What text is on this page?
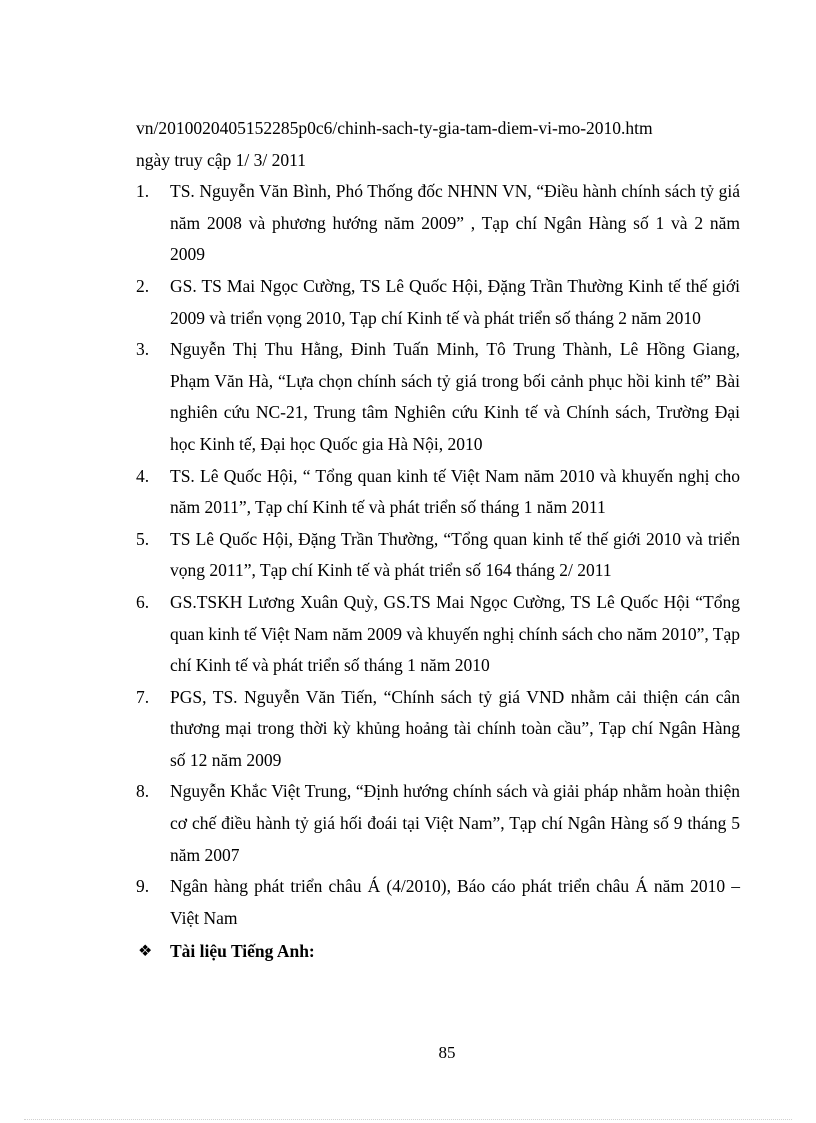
vn/2010020405152285p0c6/chinh-sach-ty-gia-tam-diem-vi-mo-2010. htm
ngày truy cập 1/ 3/ 2011
1. TS. Nguyễn Văn Bình, Phó Thống đốc NHNN VN, “Điều hành chính sách tỷ giá năm 2008 và phương hướng năm 2009” , Tạp chí Ngân Hàng số 1 và 2 năm 2009
2. GS. TS Mai Ngọc Cường, TS Lê Quốc Hội, Đặng Trần Thường Kinh tế thế giới 2009 và triển vọng 2010, Tạp chí Kinh tế và phát triển số tháng 2 năm 2010
3. Nguyễn Thị Thu Hằng, Đinh Tuấn Minh, Tô Trung Thành, Lê Hồng Giang, Phạm Văn Hà, “Lựa chọn chính sách tỷ giá trong bối cảnh phục hồi kinh tế” Bài nghiên cứu NC-21, Trung tâm Nghiên cứu Kinh tế và Chính sách, Trường Đại học Kinh tế, Đại học Quốc gia Hà Nội, 2010
4. TS. Lê Quốc Hội, “ Tổng quan kinh tế Việt Nam năm 2010 và khuyến nghị cho năm 2011”, Tạp chí Kinh tế và phát triển số tháng 1 năm 2011
5. TS Lê Quốc Hội, Đặng Trần Thường, “Tổng quan kinh tế thế giới 2010 và triển vọng 2011”, Tạp chí Kinh tế và phát triển số 164 tháng 2/ 2011
6. GS.TSKH Lương Xuân Quỳ, GS.TS Mai Ngọc Cường, TS Lê Quốc Hội “Tổng quan kinh tế Việt Nam năm 2009 và khuyến nghị chính sách cho năm 2010”, Tạp chí Kinh tế và phát triển số tháng 1 năm 2010
7. PGS, TS. Nguyễn Văn Tiến, “Chính sách tỷ giá VND nhằm cải thiện cán cân thương mại trong thời kỳ khủng hoảng tài chính toàn cầu”, Tạp chí Ngân Hàng số 12 năm 2009
8. Nguyễn Khắc Việt Trung, “Định hướng chính sách và giải pháp nhằm hoàn thiện cơ chế điều hành tỷ giá hối đoái tại Việt Nam”, Tạp chí Ngân Hàng số 9 tháng 5 năm 2007
9. Ngân hàng phát triển châu Á (4/2010), Báo cáo phát triển châu Á năm 2010 – Việt Nam
❖ Tài liệu Tiếng Anh:
85
